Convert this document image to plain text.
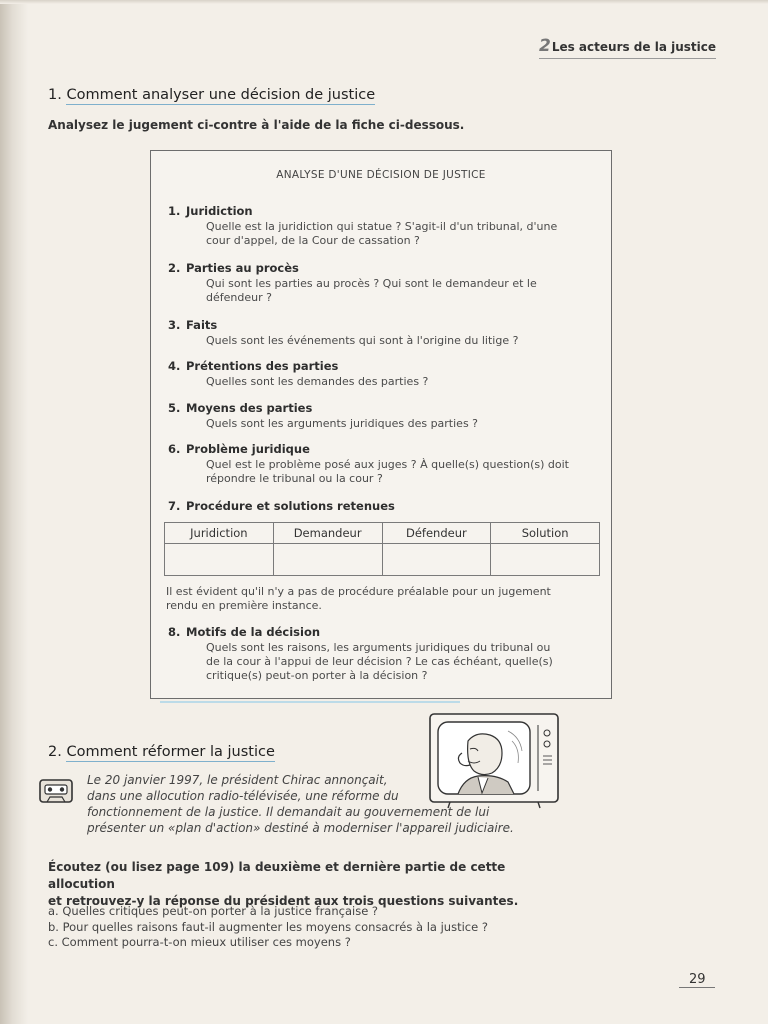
2Les acteurs de la justice
1. Comment analyser une décision de justice
Analysez le jugement ci-contre à l'aide de la fiche ci-dessous.
ANALYSE D'UNE DÉCISION DE JUSTICE
1. Juridiction
Quelle est la juridiction qui statue ? S'agit-il d'un tribunal, d'une
cour d'appel, de la Cour de cassation ?
2. Parties au procès
Qui sont les parties au procès ? Qui sont le demandeur et le
défendeur ?
3. Faits
Quels sont les événements qui sont à l'origine du litige ?
4. Prétentions des parties
Quelles sont les demandes des parties ?
5. Moyens des parties
Quels sont les arguments juridiques des parties ?
6. Problème juridique
Quel est le problème posé aux juges ? À quelle(s) question(s) doit
répondre le tribunal ou la cour ?
7. Procédure et solutions retenues
Juridiction	Demandeur	Défendeur	Solution
Il est évident qu'il n'y a pas de procédure préalable pour un jugement
rendu en première instance.
8. Motifs de la décision
Quels sont les raisons, les arguments juridiques du tribunal ou
de la cour à l'appui de leur décision ? Le cas échéant, quelle(s)
critique(s) peut-on porter à la décision ?
2. Comment réformer la justice
Le 20 janvier 1997, le président Chirac annonçait,
dans une allocution radio-télévisée, une réforme du
fonctionnement de la justice. Il demandait au gouvernement de lui
présenter un «plan d'action» destiné à moderniser l'appareil judiciaire.
Écoutez (ou lisez page 109) la deuxième et dernière partie de cette allocution
et retrouvez-y la réponse du président aux trois questions suivantes.
a. Quelles critiques peut-on porter à la justice française ?
b. Pour quelles raisons faut-il augmenter les moyens consacrés à la justice ?
c. Comment pourra-t-on mieux utiliser ces moyens ?
29
